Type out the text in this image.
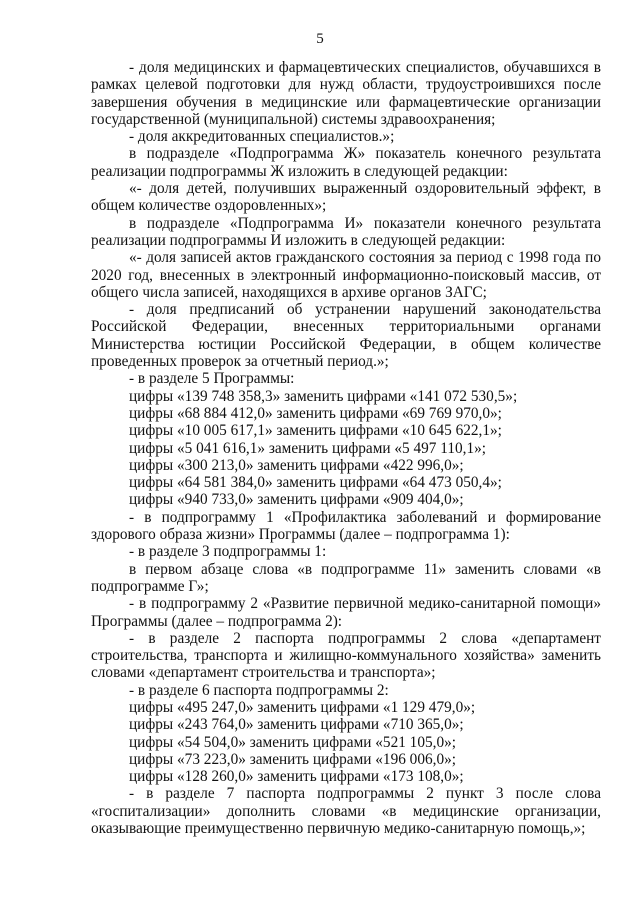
5

- доля медицинских и фармацевтических специалистов, обучавшихся в рамках целевой подготовки для нужд области, трудоустроившихся после завершения обучения в медицинские или фармацевтические организации государственной (муниципальной) системы здравоохранения;

- доля аккредитованных специалистов.»;

в подразделе «Подпрограмма Ж» показатель конечного результата реализации подпрограммы Ж изложить в следующей редакции:

«- доля детей, получивших выраженный оздоровительный эффект, в общем количестве оздоровленных»;

в подразделе «Подпрограмма И» показатели конечного результата реализации подпрограммы И изложить в следующей редакции:

«- доля записей актов гражданского состояния за период с 1998 года по 2020 год, внесенных в электронный информационно-поисковый массив, от общего числа записей, находящихся в архиве органов ЗАГС;

- доля предписаний об устранении нарушений законодательства Российской Федерации, внесенных территориальными органами Министерства юстиции Российской Федерации, в общем количестве проведенных проверок за отчетный период.»;

- в разделе 5 Программы:

цифры «139 748 358,3» заменить цифрами «141 072 530,5»;

цифры «68 884 412,0» заменить цифрами «69 769 970,0»;

цифры «10 005 617,1» заменить цифрами «10 645 622,1»;

цифры «5 041 616,1» заменить цифрами «5 497 110,1»;

цифры «300 213,0» заменить цифрами «422 996,0»;

цифры «64 581 384,0» заменить цифрами «64 473 050,4»;

цифры «940 733,0» заменить цифрами «909 404,0»;

- в подпрограмму 1 «Профилактика заболеваний и формирование здорового образа жизни» Программы (далее – подпрограмма 1):

- в разделе 3 подпрограммы 1:

в первом абзаце слова «в подпрограмме 11» заменить словами «в подпрограмме Г»;

- в подпрограмму 2 «Развитие первичной медико-санитарной помощи» Программы (далее – подпрограмма 2):

- в разделе 2 паспорта подпрограммы 2 слова «департамент строительства, транспорта и жилищно-коммунального хозяйства» заменить словами «департамент строительства и транспорта»;

- в разделе 6 паспорта подпрограммы 2:

цифры «495 247,0» заменить цифрами «1 129 479,0»;

цифры «243 764,0» заменить цифрами «710 365,0»;

цифры «54 504,0» заменить цифрами «521 105,0»;

цифры «73 223,0» заменить цифрами «196 006,0»;

цифры «128 260,0» заменить цифрами «173 108,0»;

- в разделе 7 паспорта подпрограммы 2 пункт 3 после слова «госпитализации» дополнить словами «в медицинские организации, оказывающие преимущественно первичную медико-санитарную помощь,»;
